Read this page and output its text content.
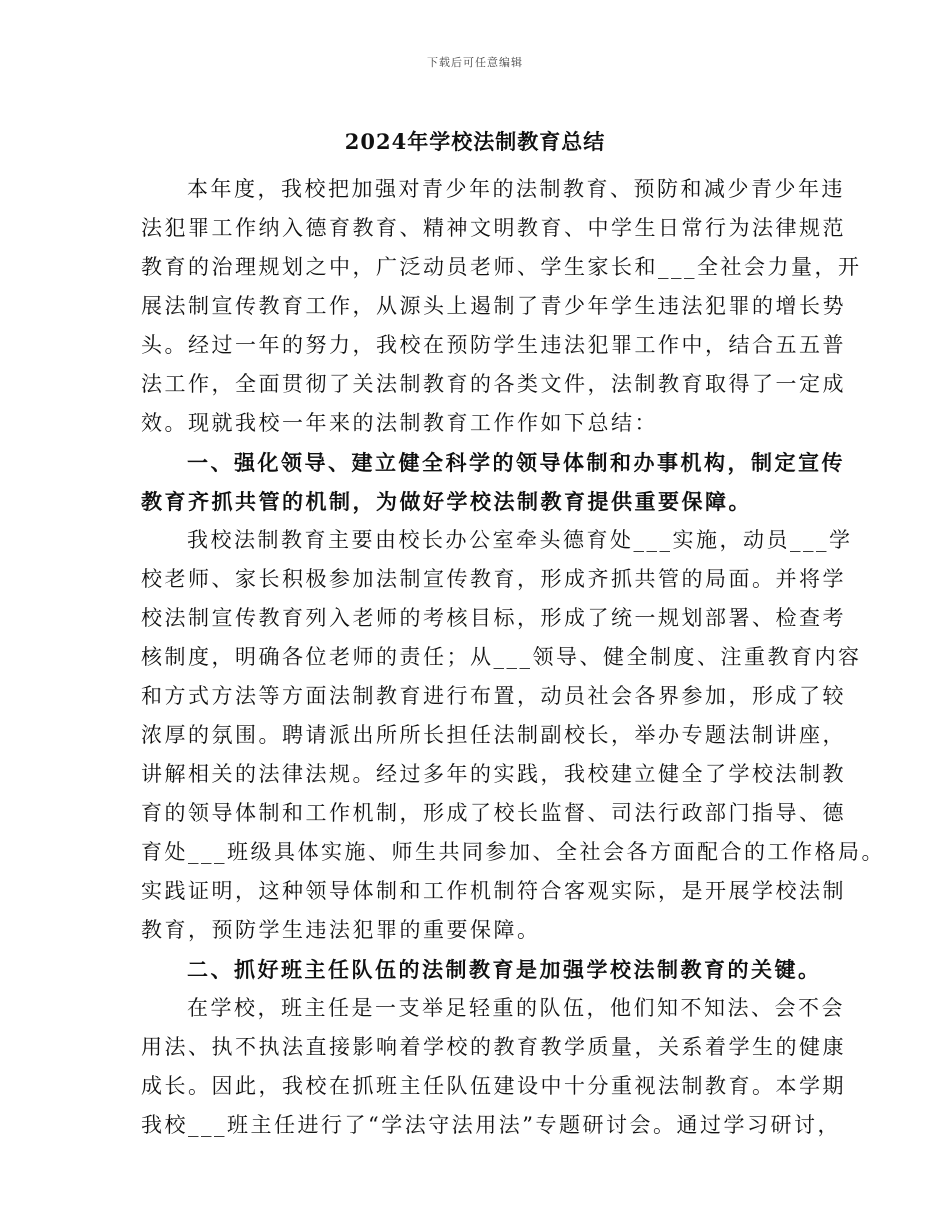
下载后可任意编辑
2024年学校法制教育总结
本年度，我校把加强对青少年的法制教育、预防和减少青少年违
法犯罪工作纳入德育教育、精神文明教育、中学生日常行为法律规范
教育的治理规划之中，广泛动员老师、学生家长和___全社会力量，开
展法制宣传教育工作，从源头上遏制了青少年学生违法犯罪的增长势
头。经过一年的努力，我校在预防学生违法犯罪工作中，结合五五普
法工作，全面贯彻了关法制教育的各类文件，法制教育取得了一定成
效。现就我校一年来的法制教育工作作如下总结：
一、强化领导、建立健全科学的领导体制和办事机构，制定宣传
教育齐抓共管的机制，为做好学校法制教育提供重要保障。
我校法制教育主要由校长办公室牵头德育处___实施，动员___学
校老师、家长积极参加法制宣传教育，形成齐抓共管的局面。并将学
校法制宣传教育列入老师的考核目标，形成了统一规划部署、检查考
核制度，明确各位老师的责任；从___领导、健全制度、注重教育内容
和方式方法等方面法制教育进行布置，动员社会各界参加，形成了较
浓厚的氛围。聘请派出所所长担任法制副校长，举办专题法制讲座，
讲解相关的法律法规。经过多年的实践，我校建立健全了学校法制教
育的领导体制和工作机制，形成了校长监督、司法行政部门指导、德
育处___班级具体实施、师生共同参加、全社会各方面配合的工作格局。
实践证明，这种领导体制和工作机制符合客观实际，是开展学校法制
教育，预防学生违法犯罪的重要保障。
二、抓好班主任队伍的法制教育是加强学校法制教育的关键。
在学校，班主任是一支举足轻重的队伍，他们知不知法、会不会
用法、执不执法直接影响着学校的教育教学质量，关系着学生的健康
成长。因此，我校在抓班主任队伍建设中十分重视法制教育。本学期
我校___班主任进行了“学法守法用法”专题研讨会。通过学习研讨，
